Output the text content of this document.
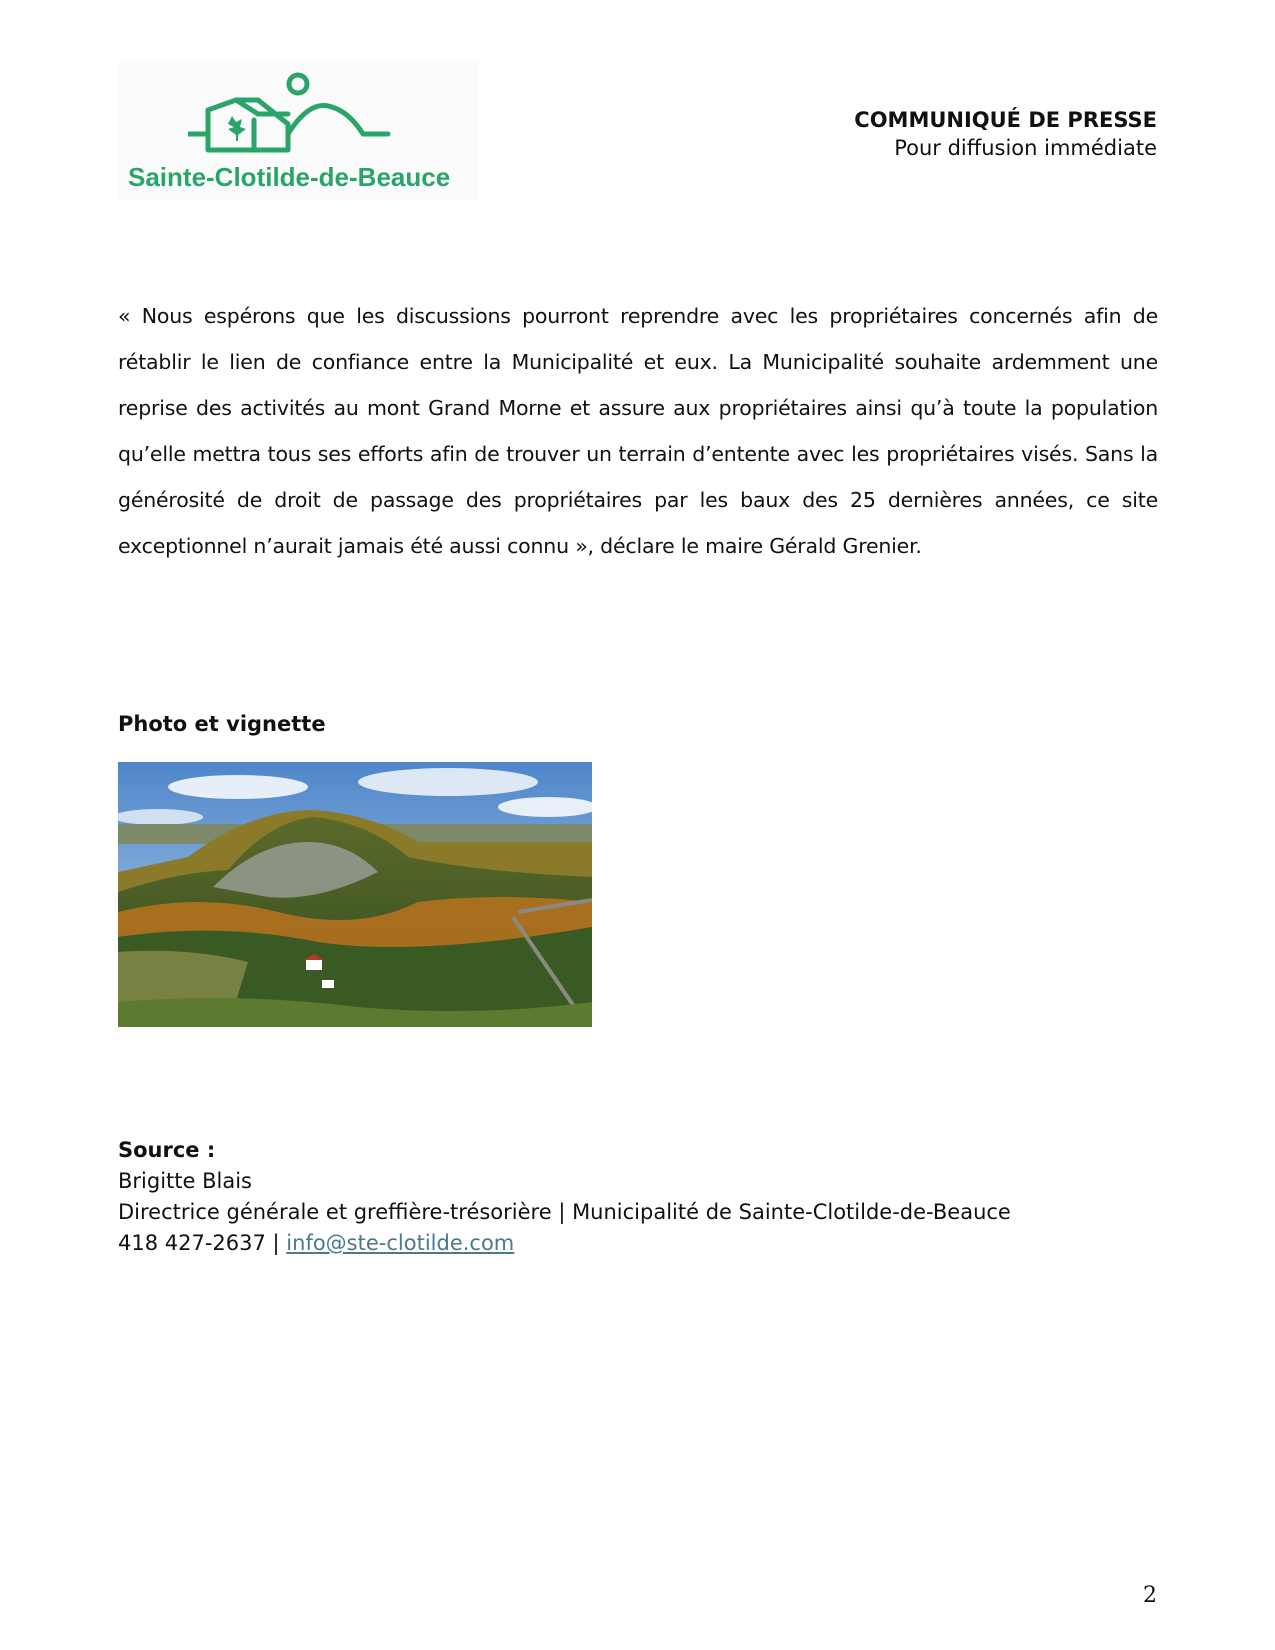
Sainte-Clotilde-de-Beauce
COMMUNIQUÉ DE PRESSE
Pour diffusion immédiate

« Nous espérons que les discussions pourront reprendre avec les propriétaires concernés afin de rétablir le lien de confiance entre la Municipalité et eux. La Municipalité souhaite ardemment une reprise des activités au mont Grand Morne et assure aux propriétaires ainsi qu’à toute la population qu’elle mettra tous ses efforts afin de trouver un terrain d’entente avec les propriétaires visés. Sans la générosité de droit de passage des propriétaires par les baux des 25 dernières années, ce site exceptionnel n’aurait jamais été aussi connu », déclare le maire Gérald Grenier.

Photo et vignette
Source :
Brigitte Blais
Directrice générale et greffière-trésorière | Municipalité de Sainte-Clotilde-de-Beauce
418 427-2637 | info@ste-clotilde.com
2
